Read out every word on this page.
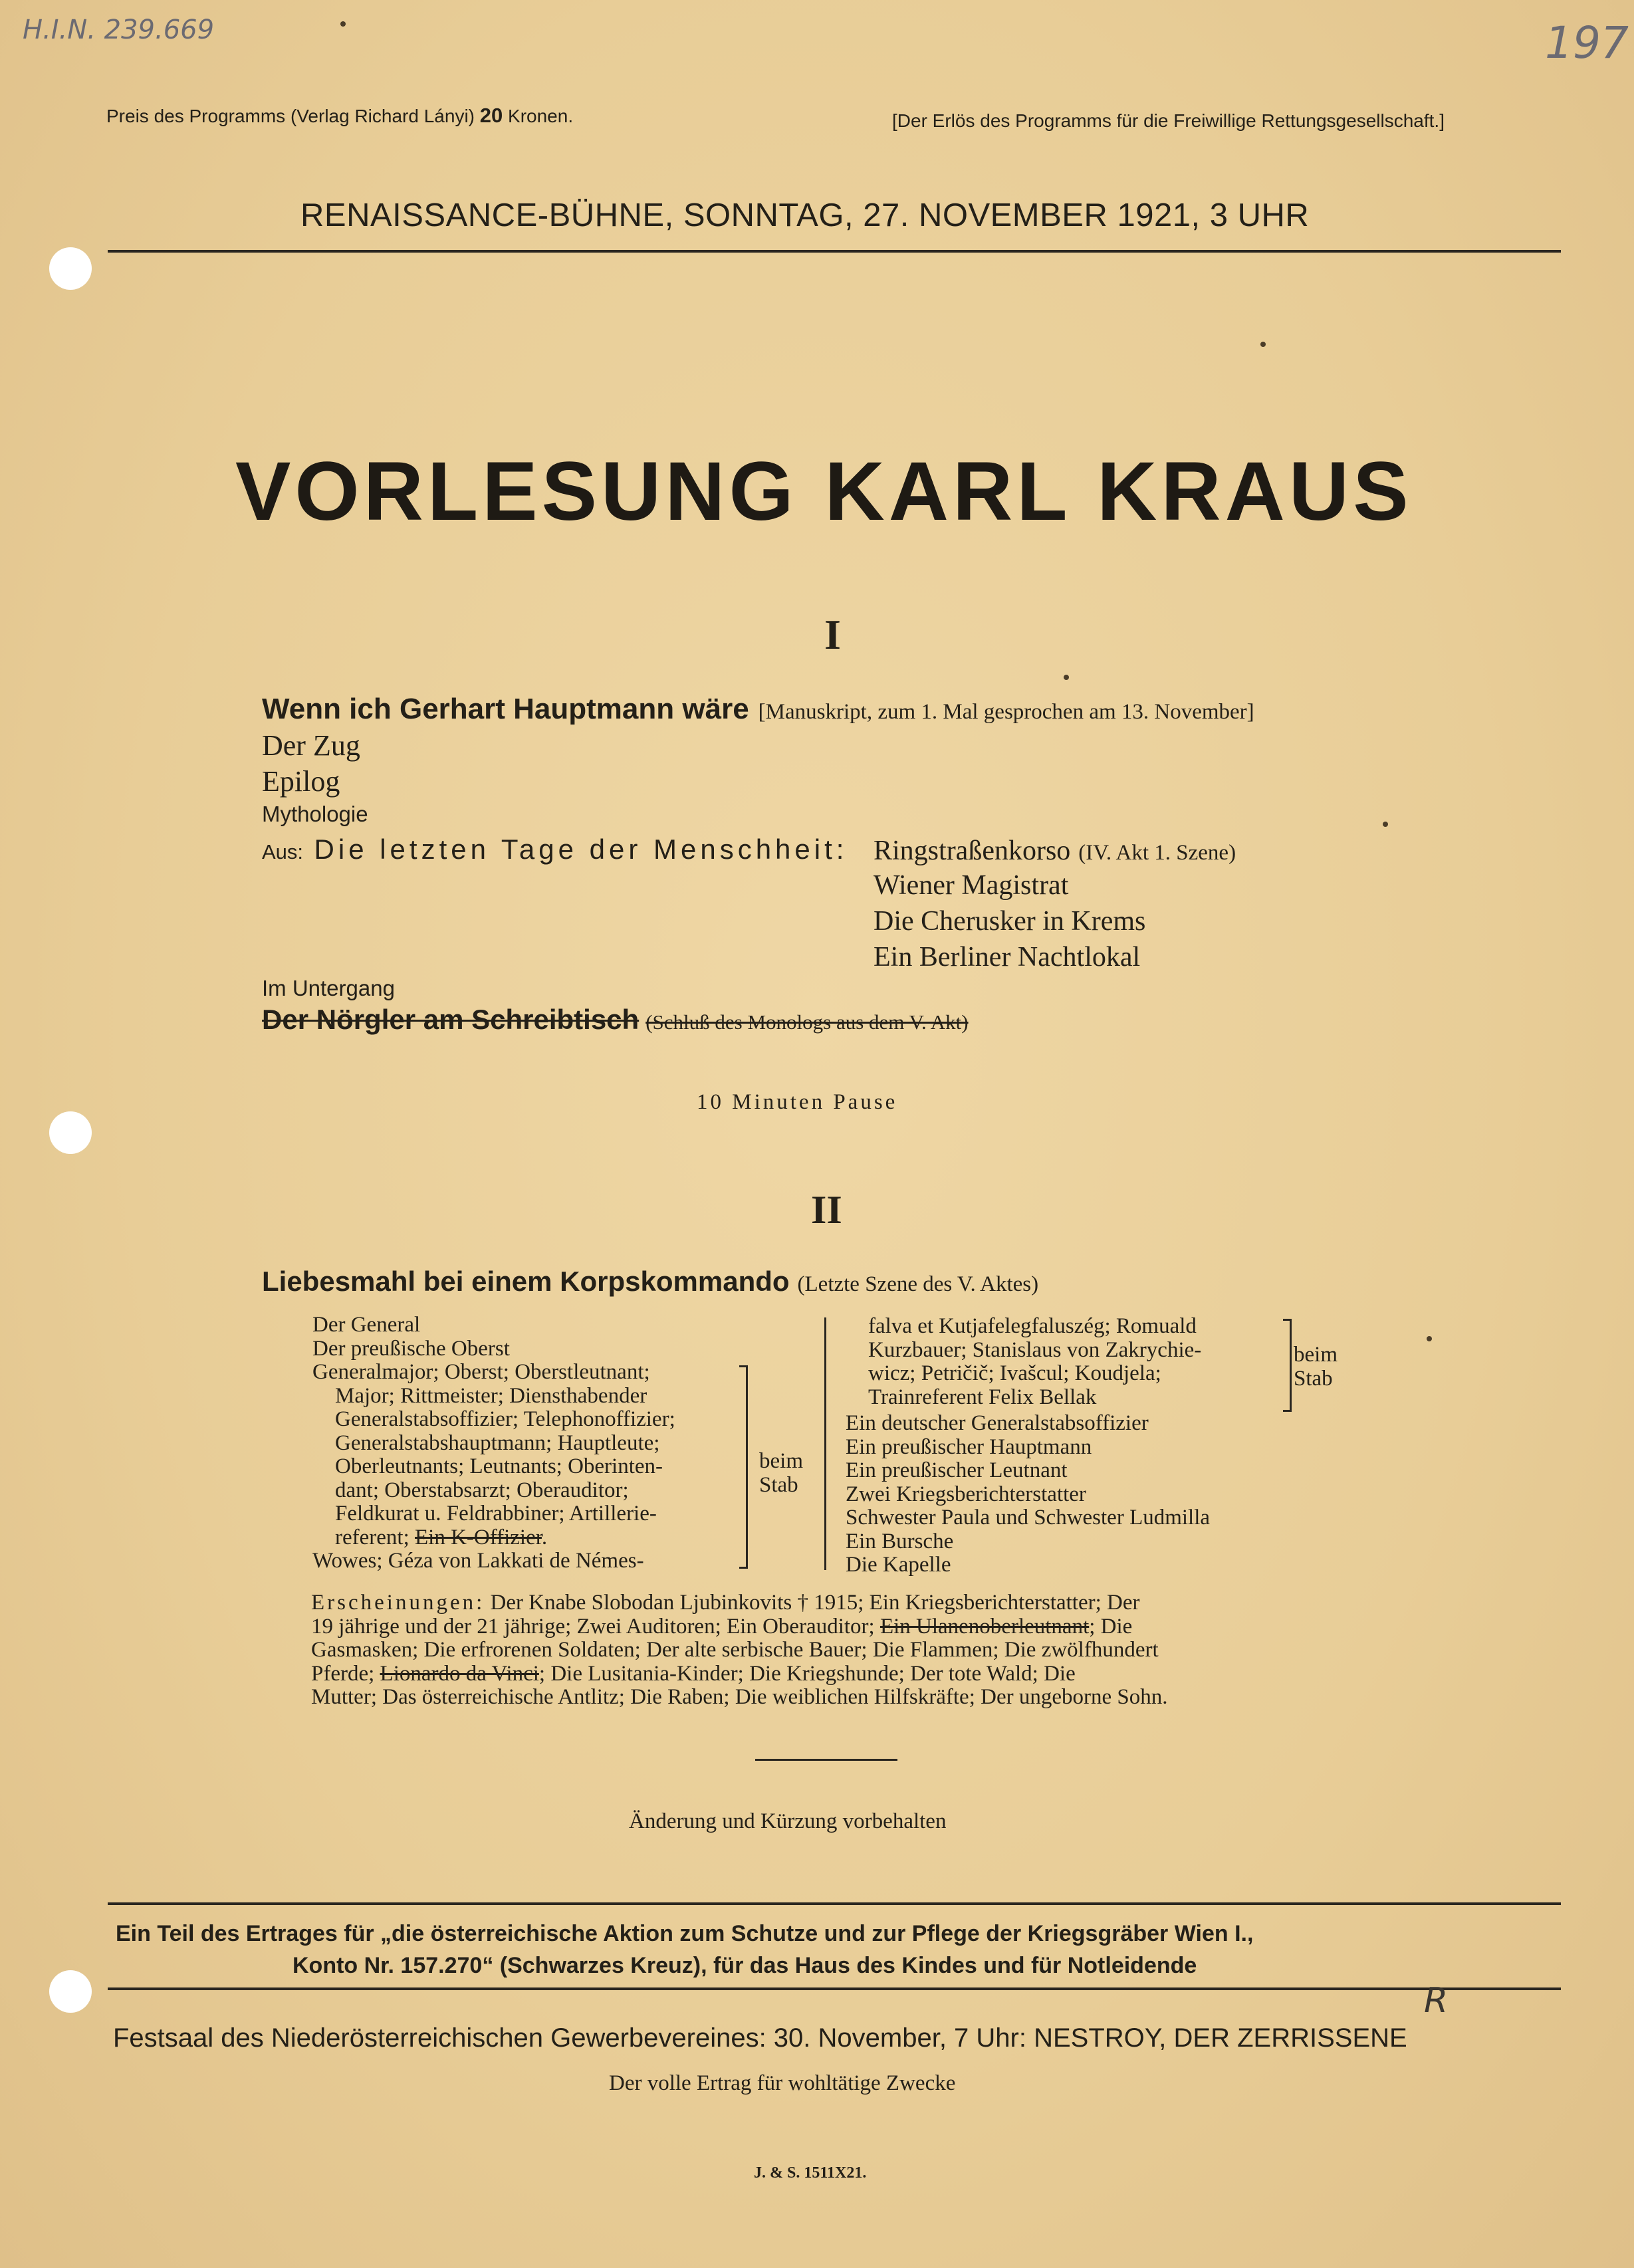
H.I.N. 239.669	197
Preis des Programms (Verlag Richard Lányi) 20 Kronen.	[Der Erlös des Programms für die Freiwillige Rettungsgesellschaft.]
RENAISSANCE-BÜHNE, SONNTAG, 27. NOVEMBER 1921, 3 UHR
VORLESUNG KARL KRAUS
I
Wenn ich Gerhart Hauptmann wäre [Manuskript, zum 1. Mal gesprochen am 13. November]
Der Zug
Epilog
Mythologie
Aus: Die letzten Tage der Menschheit: Ringstraßenkorso (IV. Akt 1. Szene)
Wiener Magistrat
Die Cherusker in Krems
Ein Berliner Nachtlokal
Im Untergang
Der Nörgler am Schreibtisch (Schluß des Monologs aus dem V. Akt)
10 Minuten Pause
II
Liebesmahl bei einem Korpskommando (Letzte Szene des V. Aktes)
Der General
Der preußische Oberst
Generalmajor; Oberst; Oberstleutnant;
Major; Rittmeister; Diensthabender
Generalstabsoffizier; Telephonoffizier;
Generalstabshauptmann; Hauptleute;
Oberleutnants; Leutnants; Oberinten-
dant; Oberstabsarzt; Oberauditor;
Feldkurat u. Feldrabbiner; Artillerie-
referent; Ein K-Offizier.
Wowes; Géza von Lakkati de Némes-
beim
Stab
falva et Kutjafelegfaluszég; Romuald
Kurzbauer; Stanislaus von Zakrychie-
wicz; Petričič; Ivašcul; Koudjela;
Trainreferent Felix Bellak
beim
Stab
Ein deutscher Generalstabsoffizier
Ein preußischer Hauptmann
Ein preußischer Leutnant
Zwei Kriegsberichterstatter
Schwester Paula und Schwester Ludmilla
Ein Bursche
Die Kapelle
Erscheinungen: Der Knabe Slobodan Ljubinkovits † 1915; Ein Kriegsberichterstatter; Der
19 jährige und der 21 jährige; Zwei Auditoren; Ein Oberauditor; Ein Ulanenoberleutnant; Die
Gasmasken; Die erfrorenen Soldaten; Der alte serbische Bauer; Die Flammen; Die zwölfhundert
Pferde; Lionardo da Vinci; Die Lusitania-Kinder; Die Kriegshunde; Der tote Wald; Die
Mutter; Das österreichische Antlitz; Die Raben; Die weiblichen Hilfskräfte; Der ungeborne Sohn.
Änderung und Kürzung vorbehalten
Ein Teil des Ertrages für „die österreichische Aktion zum Schutze und zur Pflege der Kriegsgräber Wien I.,
Konto Nr. 157.270“ (Schwarzes Kreuz), für das Haus des Kindes und für Notleidende
Festsaal des Niederösterreichischen Gewerbevereines: 30. November, 7 Uhr: NESTROY, DER ZERRISSENE
R
Der volle Ertrag für wohltätige Zwecke
J. & S. 1511X21.
